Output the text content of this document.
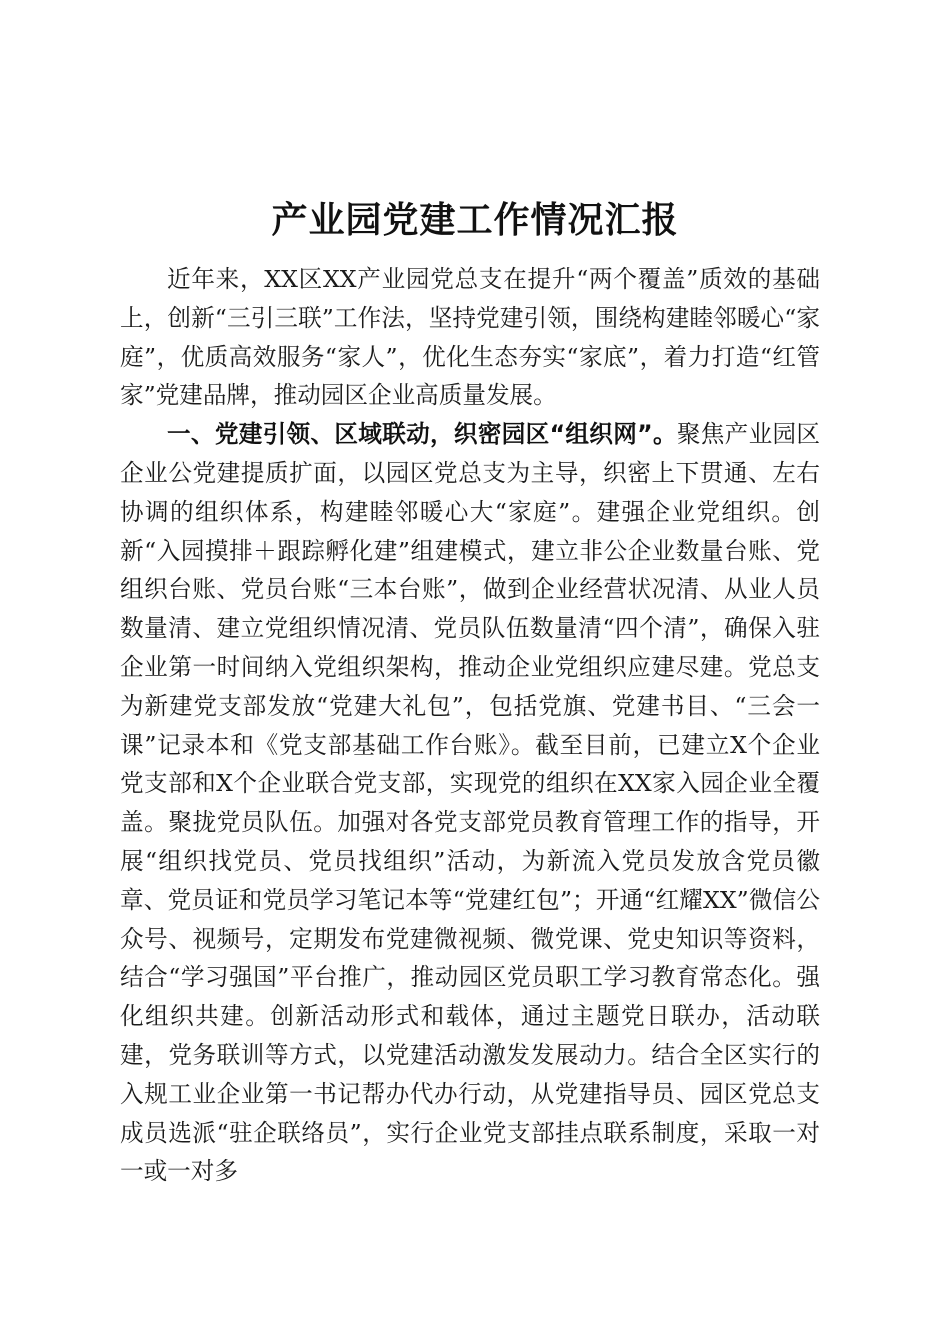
产业园党建工作情况汇报

近年来，XX区XX产业园党总支在提升“两个覆盖”质效的基础上，创新“三引三联”工作法，坚持党建引领，围绕构建睦邻暖心“家庭”，优质高效服务“家人”，优化生态夯实“家底”，着力打造“红管家”党建品牌，推动园区企业高质量发展。

一、党建引领、区域联动，织密园区“组织网”。聚焦产业园区企业公党建提质扩面，以园区党总支为主导，织密上下贯通、左右协调的组织体系，构建睦邻暖心大“家庭”。建强企业党组织。创新“入园摸排＋跟踪孵化建”组建模式，建立非公企业数量台账、党组织台账、党员台账“三本台账”，做到企业经营状况清、从业人员数量清、建立党组织情况清、党员队伍数量清“四个清”，确保入驻企业第一时间纳入党组织架构，推动企业党组织应建尽建。党总支为新建党支部发放“党建大礼包”，包括党旗、党建书目、“三会一课”记录本和《党支部基础工作台账》。截至目前，已建立X个企业党支部和X个企业联合党支部，实现党的组织在XX家入园企业全覆盖。聚拢党员队伍。加强对各党支部党员教育管理工作的指导，开展“组织找党员、党员找组织”活动，为新流入党员发放含党员徽章、党员证和党员学习笔记本等“党建红包”；开通“红耀XX”微信公众号、视频号，定期发布党建微视频、微党课、党史知识等资料，结合“学习强国”平台推广，推动园区党员职工学习教育常态化。强化组织共建。创新活动形式和载体，通过主题党日联办，活动联建，党务联训等方式，以党建活动激发发展动力。结合全区实行的入规工业企业第一书记帮办代办行动，从党建指导员、园区党总支成员选派“驻企联络员”，实行企业党支部挂点联系制度，采取一对一或一对多
